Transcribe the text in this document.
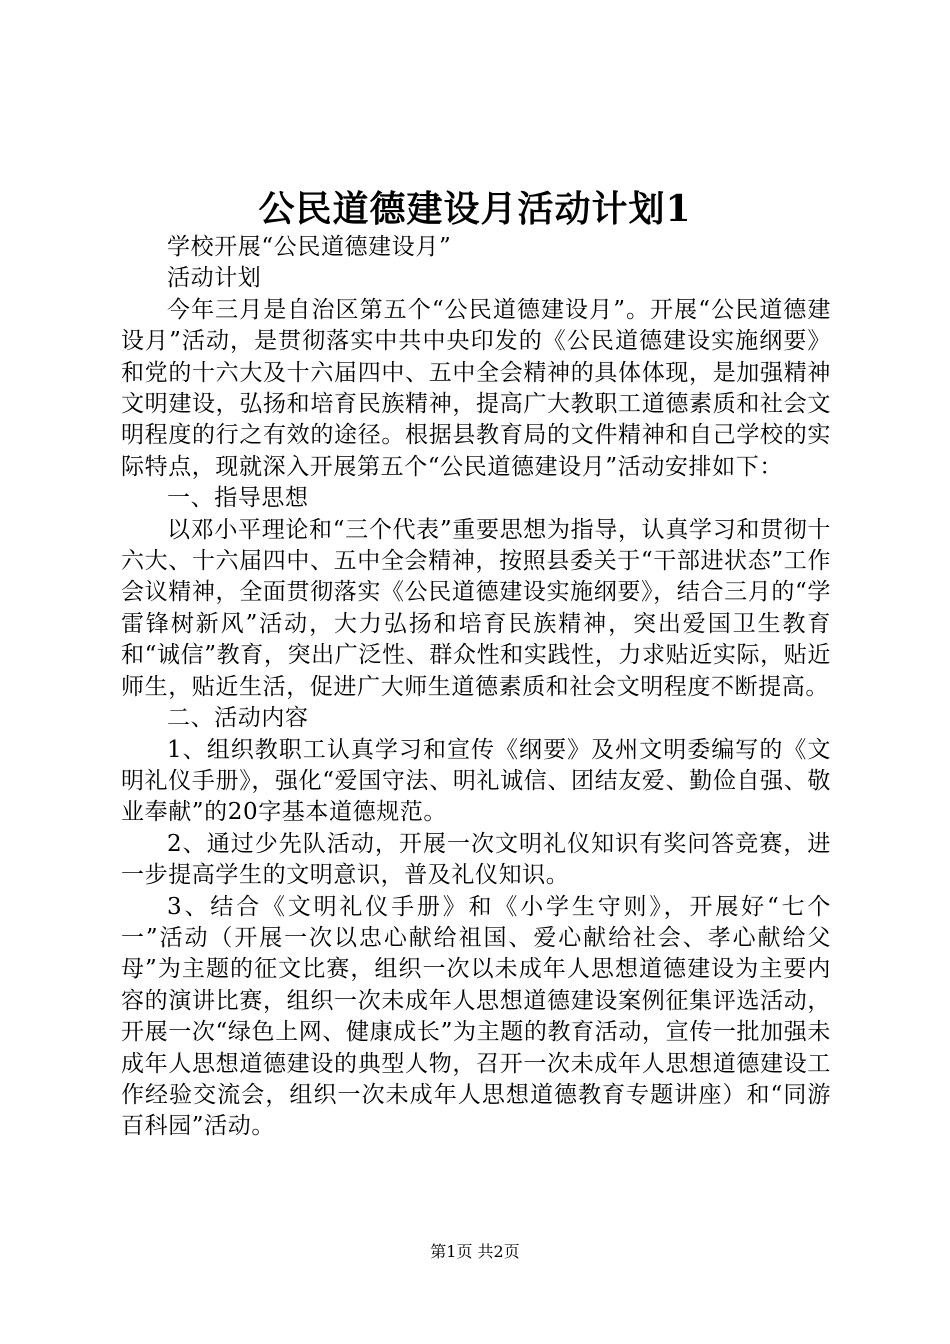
公民道德建设月活动计划1

学校开展“公民道德建设月”

活动计划

今年三月是自治区第五个“公民道德建设月”。开展“公民道德建设月”活动，是贯彻落实中共中央印发的《公民道德建设实施纲要》和党的十六大及十六届四中、五中全会精神的具体体现，是加强精神文明建设，弘扬和培育民族精神，提高广大教职工道德素质和社会文明程度的行之有效的途径。根据县教育局的文件精神和自己学校的实际特点，现就深入开展第五个“公民道德建设月”活动安排如下：

一、指导思想

以邓小平理论和“三个代表”重要思想为指导，认真学习和贯彻十六大、十六届四中、五中全会精神，按照县委关于“干部进状态”工作会议精神，全面贯彻落实《公民道德建设实施纲要》，结合三月的“学雷锋树新风”活动，大力弘扬和培育民族精神，突出爱国卫生教育和“诚信”教育，突出广泛性、群众性和实践性，力求贴近实际，贴近师生，贴近生活，促进广大师生道德素质和社会文明程度不断提高。

二、活动内容

1、组织教职工认真学习和宣传《纲要》及州文明委编写的《文明礼仪手册》，强化“爱国守法、明礼诚信、团结友爱、勤俭自强、敬业奉献”的20字基本道德规范。

2、通过少先队活动，开展一次文明礼仪知识有奖问答竞赛，进一步提高学生的文明意识，普及礼仪知识。

3、结合《文明礼仪手册》和《小学生守则》，开展好“七个一”活动（开展一次以忠心献给祖国、爱心献给社会、孝心献给父母”为主题的征文比赛，组织一次以未成年人思想道德建设为主要内容的演讲比赛，组织一次未成年人思想道德建设案例征集评选活动，开展一次“绿色上网、健康成长”为主题的教育活动，宣传一批加强未成年人思想道德建设的典型人物，召开一次未成年人思想道德建设工作经验交流会，组织一次未成年人思想道德教育专题讲座）和“同游百科园”活动。

第1页 共2页
